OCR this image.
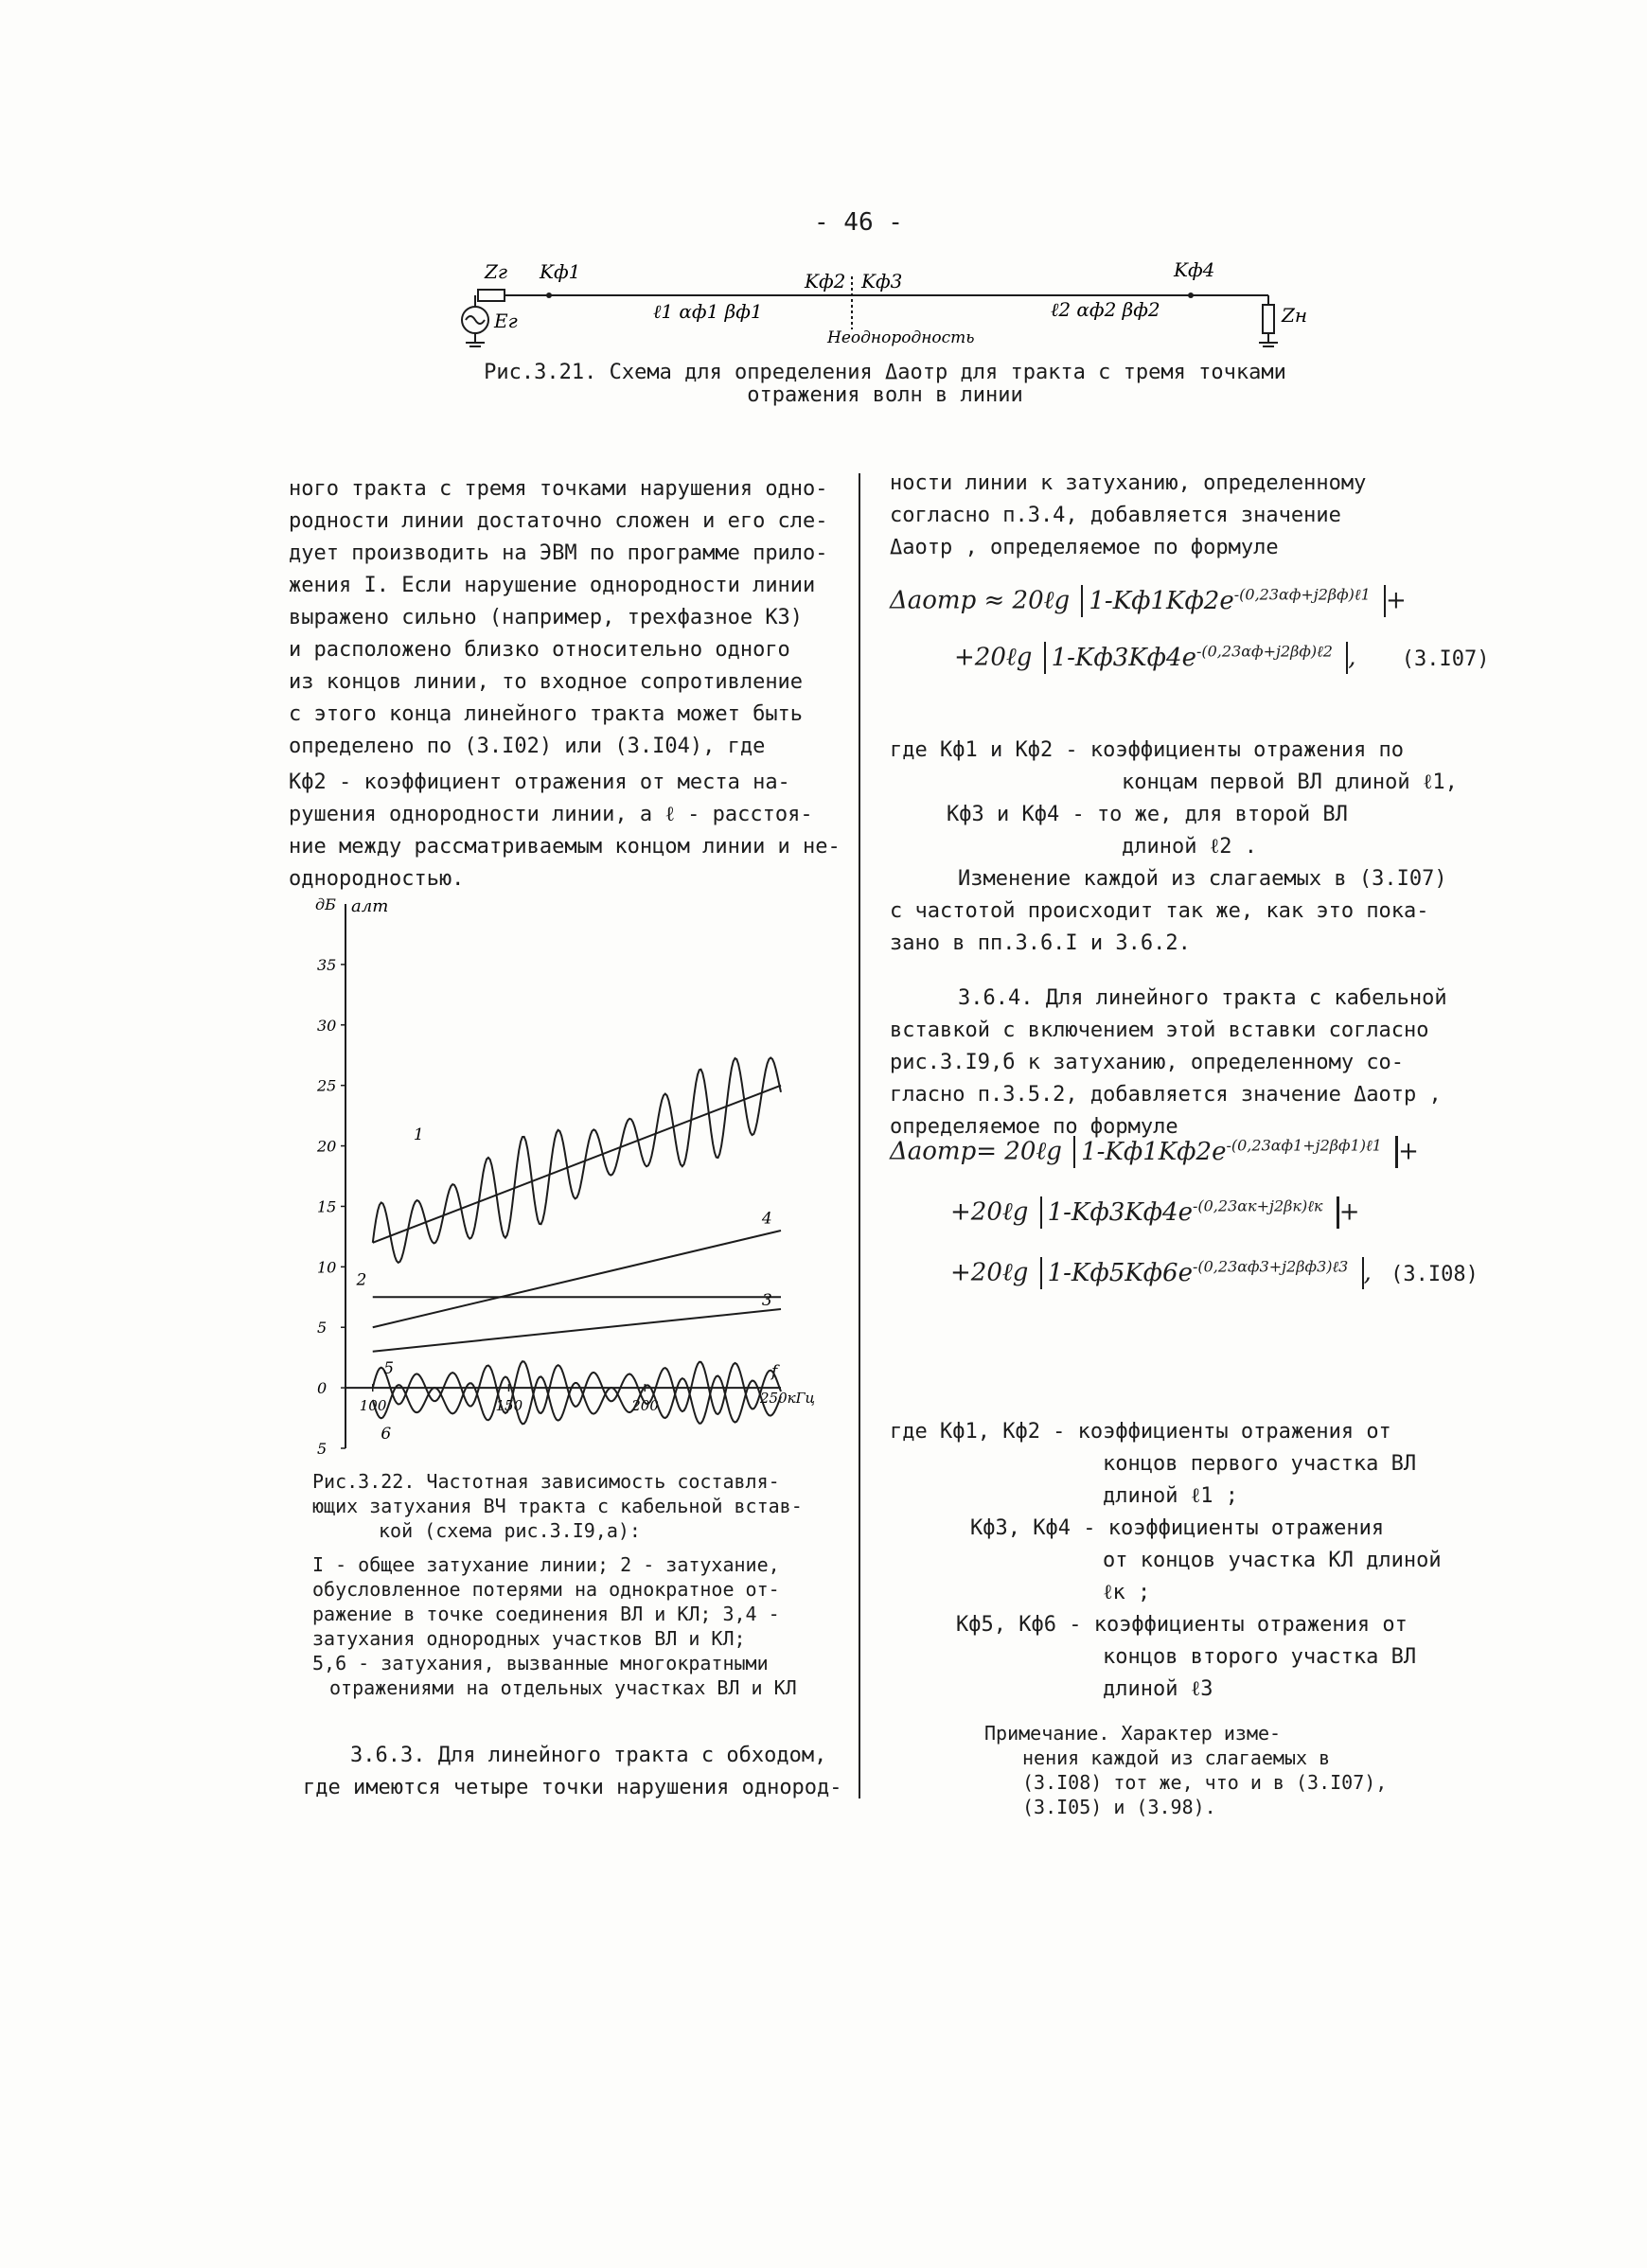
- 46 -
Zг Kф1
Eг
Kф2 Kф3	Kф4
ℓ1 αф1 βф1	ℓ2 αф2 βф2
Неоднородность
Zн
Рис.3.21. Схема для определения Δaотр для тракта с тремя точками
отражения волн в линии
ного тракта с тремя точками нарушения одно-
родности линии достаточно сложен и его сле-
дует производить на ЭВМ по программе прило-
жения I. Если нарушение однородности линии
выражено сильно (например, трехфазное КЗ)
и расположено близко относительно одного
из концов линии, то входное сопротивление
с этого конца линейного тракта может быть
определено по (3.I02) или (3.I04), где
Kф2 - коэффициент отражения от места на-
рушения однородности линии, а ℓ - расстоя-
ние между рассматриваемым концом линии и не-
однородностью.
35
30
25
20
15
10
5
0
5
дБ aлт
100	150	200
f
250кГц
1
2
3
4
5
6
Рис.3.22. Частотная зависимость составля-
ющих затухания ВЧ тракта с кабельной встав-
кой (схема рис.3.I9,а):
I - общее затухание линии; 2 - затухание,
обусловленное потерями на однократное от-
ражение в точке соединения ВЛ и КЛ; 3,4 -
затухания однородных участков ВЛ и КЛ;
5,6 - затухания, вызванные многократными
отражениями на отдельных участках ВЛ и КЛ
3.6.3. Для линейного тракта с обходом,
где имеются четыре точки нарушения однород-
ности линии к затуханию, определенному
согласно п.3.4, добавляется значение
Δaотр , определяемое по формуле
Δaотр ≈ 20ℓg $1-Kф1Kф2e^{-(0,23\alpha ф+j2\beta ф)\ell 1}$ +
+20ℓg $1-Kф3Kф4e^{-(0,23\alpha ф+j2\beta ф)\ell 2}$ , (3.I07)
где Kф1 и Kф2 - коэффициенты отражения по
концам первой ВЛ длиной ℓ1,
Kф3 и Kф4 - то же, для второй ВЛ
длиной ℓ2 .
Изменение каждой из слагаемых в (3.I07)
с частотой происходит так же, как это пока-
зано в пп.3.6.I и 3.6.2.
3.6.4. Для линейного тракта с кабельной
вставкой с включением этой вставки согласно
рис.3.I9,б к затуханию, определенному со-
гласно п.3.5.2, добавляется значение Δaотр ,
определяемое по формуле
Δaотр= 20ℓg $1-Kф1Kф2e^{-(0,23\alpha ф1+j2\beta ф1)\ell 1}$ +
+20ℓg $1-Kф3Kф4e^{-(0,23\alpha к+j2\beta к)\ell к}$ +
+20ℓg $1-Kф5Kф6e^{-(0,23\alpha ф3+j2\beta ф3)\ell 3}$ , (3.I08)
где Kф1, Kф2 - коэффициенты отражения от
концов первого участка ВЛ
длиной ℓ1 ;
Kф3, Kф4 - коэффициенты отражения
от концов участка КЛ длиной
ℓк ;
Kф5, Kф6 - коэффициенты отражения от
концов второго участка ВЛ
длиной ℓ3
Примечание. Характер изме-
нения каждой из слагаемых в
(3.I08) тот же, что и в (3.I07),
(3.I05) и (3.98).
